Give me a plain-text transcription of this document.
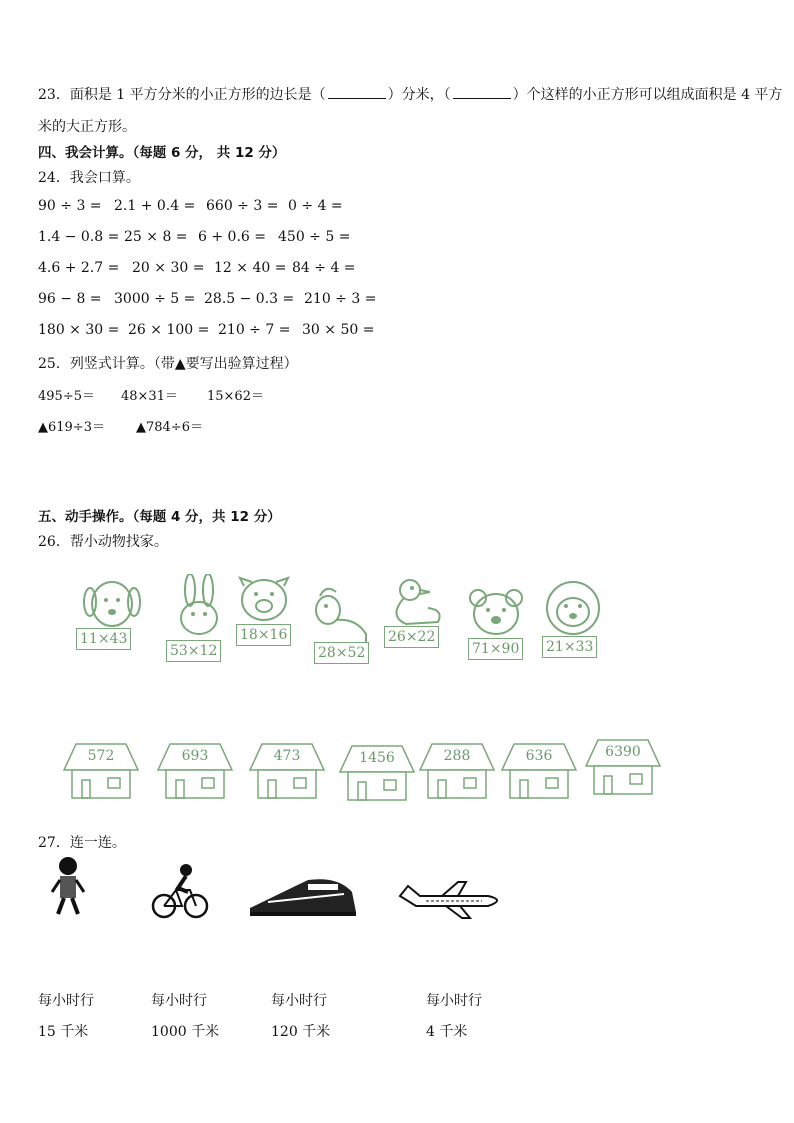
23．面积是 1 平方分米的小正方形的边长是（	）分米，（	）个这样的小正方形可以组成面积是 4 平方
米的大正方形。
四、我会计算。（每题 6 分， 共 12 分）
24．我会口算。
90 ÷ 3 = 2.1 + 0.4 = 660 ÷ 3 = 0 ÷ 4 =
1.4 − 0.8 = 25 × 8 = 6 + 0.6 = 450 ÷ 5 =
4.6 + 2.7 = 20 × 30 = 12 × 40 = 84 ÷ 4 =
96 − 8 = 3000 ÷ 5 = 28.5 − 0.3 = 210 ÷ 3 =
180 × 30 = 26 × 100 = 210 ÷ 7 = 30 × 50 =
25．列竖式计算。（带▲要写出验算过程）
495÷5＝ 48×31＝ 15×62＝
▲619÷3＝ ▲784÷6＝
五、动手操作。（每题 4 分，共 12 分）
26．帮小动物找家。
11×43
53×12
18×16
28×52
26×22
71×90 21×33
572	693	473	1456	288	636	6390
27．连一连。
每小时行	每小时行	每小时行	每小时行
15 千米	1000 千米	120 千米	4 千米
